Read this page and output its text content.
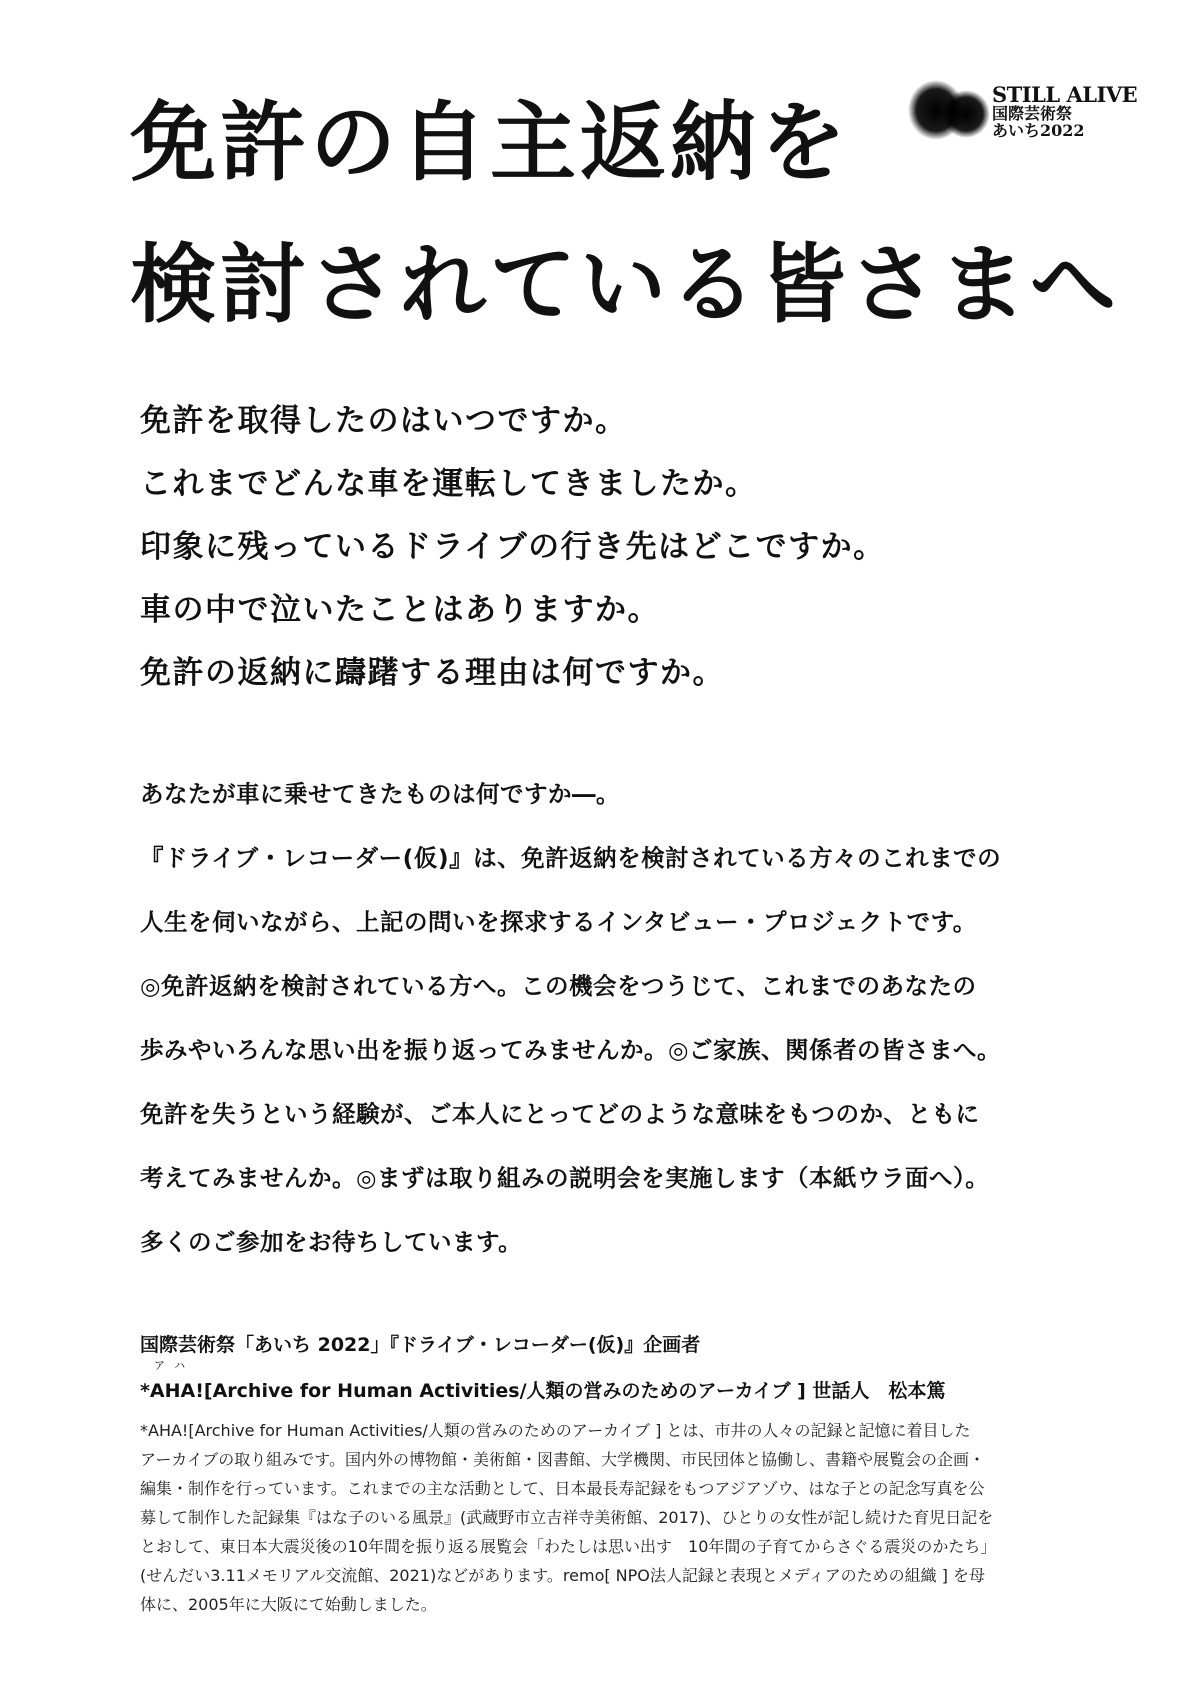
STILL ALIVE
国際芸術祭
あいち2022
免許の自主返納を
検討されている皆さまへ
免許を取得したのはいつですか。
これまでどんな車を運転してきましたか。
印象に残っているドライブの行き先はどこですか。
車の中で泣いたことはありますか。
免許の返納に躊躇する理由は何ですか。
あなたが車に乗せてきたものは何ですか―。
『ドライブ・レコーダー(仮)』は、免許返納を検討されている方々のこれまでの
人生を伺いながら、上記の問いを探求するインタビュー・プロジェクトです。
◎免許返納を検討されている方へ。この機会をつうじて、これまでのあなたの
歩みやいろんな思い出を振り返ってみませんか。◎ご家族、関係者の皆さまへ。
免許を失うという経験が、ご本人にとってどのような意味をもつのか、ともに
考えてみませんか。◎まずは取り組みの説明会を実施します（本紙ウラ面へ）。
多くのご参加をお待ちしています。
国際芸術祭「あいち 2022」『ドライブ・レコーダー(仮)』企画者
アハ
*AHA![Archive for Human Activities/人類の営みのためのアーカイブ ] 世話人　松本篤
*AHA![Archive for Human Activities/人類の営みのためのアーカイブ ] とは、市井の人々の記録と記憶に着目した
アーカイブの取り組みです。国内外の博物館・美術館・図書館、大学機関、市民団体と協働し、書籍や展覧会の企画・
編集・制作を行っています。これまでの主な活動として、日本最長寿記録をもつアジアゾウ、はな子との記念写真を公
募して制作した記録集『はな子のいる風景』(武蔵野市立吉祥寺美術館、2017)、ひとりの女性が記し続けた育児日記を
とおして、東日本大震災後の10年間を振り返る展覧会「わたしは思い出す　10年間の子育てからさぐる震災のかたち」
(せんだい3.11メモリアル交流館、2021)などがあります。remo[ NPO法人記録と表現とメディアのための組織 ] を母
体に、2005年に大阪にて始動しました。
